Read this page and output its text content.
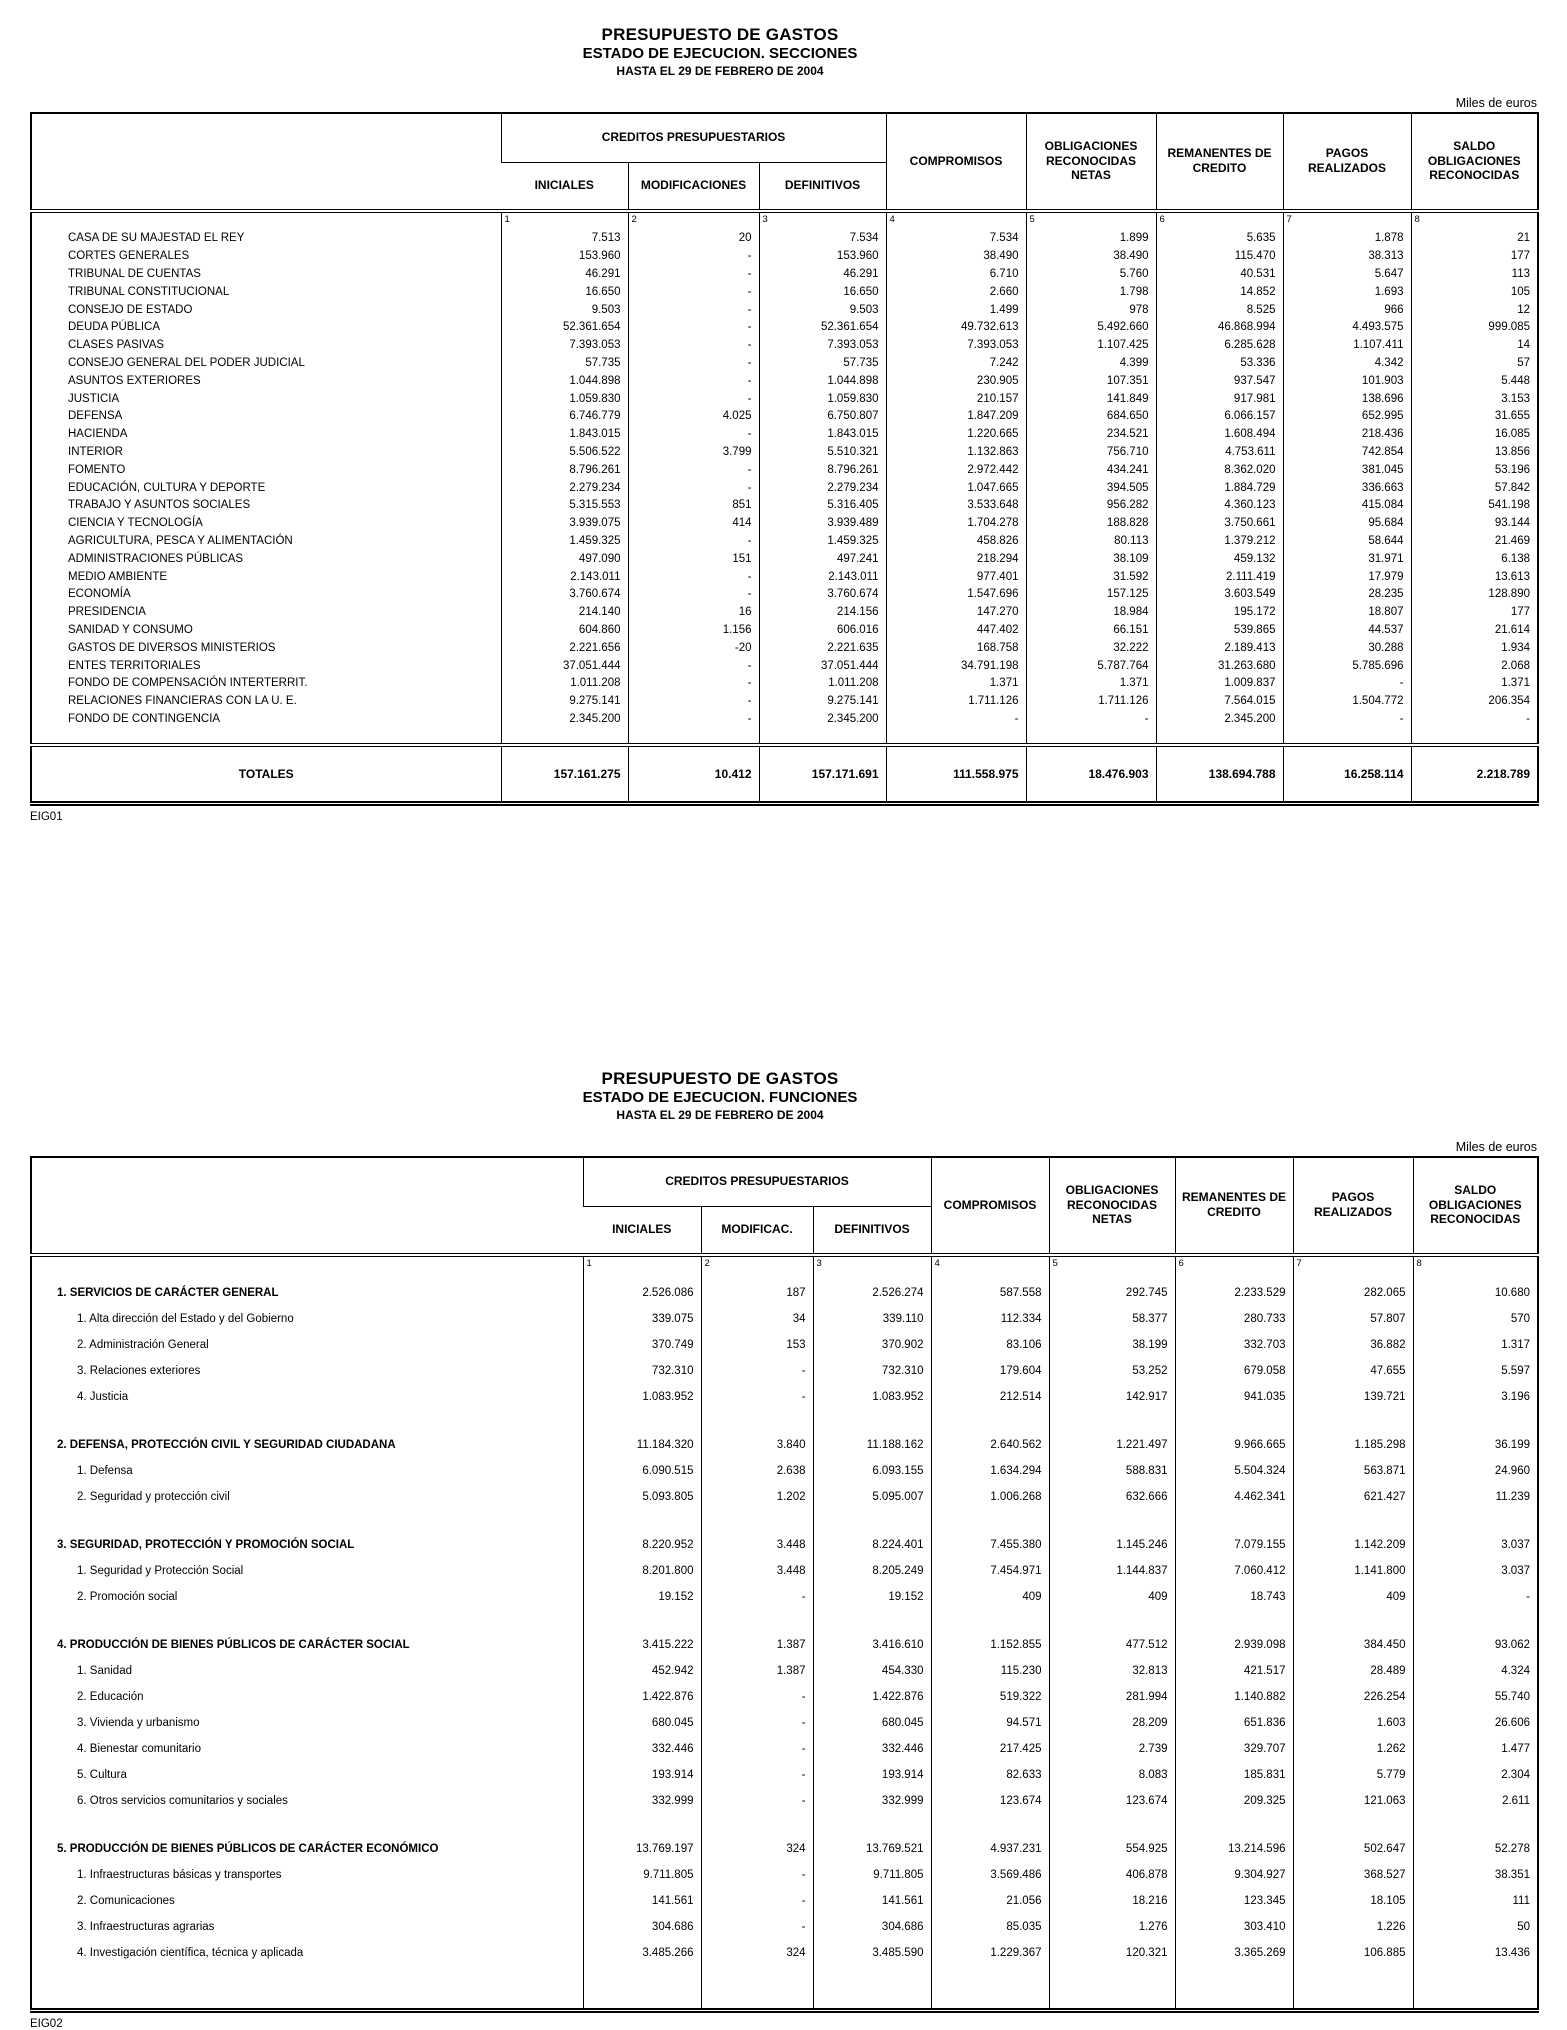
PRESUPUESTO DE GASTOS
ESTADO DE EJECUCION. SECCIONES
HASTA EL 29 DE FEBRERO DE 2004
Miles de euros
	CREDITOS PRESUPUESTARIOS			COMPROMISOS	OBLIGACIONES RECONOCIDAS NETAS	REMANENTES DE CREDITO	PAGOS REALIZADOS	SALDO OBLIGACIONES RECONOCIDAS
	INICIALES	MODIFICACIONES	DEFINITIVOS					
	1	2	3	4	5	6	7	8
CASA DE SU MAJESTAD EL REY	7.513	20	7.534	7.534	1.899	5.635	1.878	21
CORTES GENERALES	153.960	-	153.960	38.490	38.490	115.470	38.313	177
TRIBUNAL DE CUENTAS	46.291	-	46.291	6.710	5.760	40.531	5.647	113
TRIBUNAL CONSTITUCIONAL	16.650	-	16.650	2.660	1.798	14.852	1.693	105
CONSEJO DE ESTADO	9.503	-	9.503	1.499	978	8.525	966	12
DEUDA PÚBLICA	52.361.654	-	52.361.654	49.732.613	5.492.660	46.868.994	4.493.575	999.085
CLASES PASIVAS	7.393.053	-	7.393.053	7.393.053	1.107.425	6.285.628	1.107.411	14
CONSEJO GENERAL DEL PODER JUDICIAL	57.735	-	57.735	7.242	4.399	53.336	4.342	57
ASUNTOS EXTERIORES	1.044.898	-	1.044.898	230.905	107.351	937.547	101.903	5.448
JUSTICIA	1.059.830	-	1.059.830	210.157	141.849	917.981	138.696	3.153
DEFENSA	6.746.779	4.025	6.750.807	1.847.209	684.650	6.066.157	652.995	31.655
HACIENDA	1.843.015	-	1.843.015	1.220.665	234.521	1.608.494	218.436	16.085
INTERIOR	5.506.522	3.799	5.510.321	1.132.863	756.710	4.753.611	742.854	13.856
FOMENTO	8.796.261	-	8.796.261	2.972.442	434.241	8.362.020	381.045	53.196
EDUCACIÓN, CULTURA Y DEPORTE	2.279.234	-	2.279.234	1.047.665	394.505	1.884.729	336.663	57.842
TRABAJO Y ASUNTOS SOCIALES	5.315.553	851	5.316.405	3.533.648	956.282	4.360.123	415.084	541.198
CIENCIA Y TECNOLOGÍA	3.939.075	414	3.939.489	1.704.278	188.828	3.750.661	95.684	93.144
AGRICULTURA, PESCA Y ALIMENTACIÓN	1.459.325	-	1.459.325	458.826	80.113	1.379.212	58.644	21.469
ADMINISTRACIONES PÚBLICAS	497.090	151	497.241	218.294	38.109	459.132	31.971	6.138
MEDIO AMBIENTE	2.143.011	-	2.143.011	977.401	31.592	2.111.419	17.979	13.613
ECONOMÍA	3.760.674	-	3.760.674	1.547.696	157.125	3.603.549	28.235	128.890
PRESIDENCIA	214.140	16	214.156	147.270	18.984	195.172	18.807	177
SANIDAD Y CONSUMO	604.860	1.156	606.016	447.402	66.151	539.865	44.537	21.614
GASTOS DE DIVERSOS MINISTERIOS	2.221.656	-20	2.221.635	168.758	32.222	2.189.413	30.288	1.934
ENTES TERRITORIALES	37.051.444	-	37.051.444	34.791.198	5.787.764	31.263.680	5.785.696	2.068
FONDO DE COMPENSACIÓN INTERTERRIT.	1.011.208	-	1.011.208	1.371	1.371	1.009.837	-	1.371
RELACIONES FINANCIERAS CON LA U. E.	9.275.141	-	9.275.141	1.711.126	1.711.126	7.564.015	1.504.772	206.354
FONDO DE CONTINGENCIA	2.345.200	-	2.345.200	-	-	2.345.200	-	-

TOTALES	157.161.275	10.412	157.171.691	111.558.975	18.476.903	138.694.788	16.258.114	2.218.789
EIG01
PRESUPUESTO DE GASTOS
ESTADO DE EJECUCION. FUNCIONES
HASTA EL 29 DE FEBRERO DE 2004
Miles de euros
	CREDITOS PRESUPUESTARIOS			COMPROMISOS	OBLIGACIONES RECONOCIDAS NETAS	REMANENTES DE CREDITO	PAGOS REALIZADOS	SALDO OBLIGACIONES RECONOCIDAS
	INICIALES	MODIFICAC.	DEFINITIVOS					
	1	2	3	4	5	6	7	8
1. SERVICIOS DE CARÁCTER GENERAL	2.526.086	187	2.526.274	587.558	292.745	2.233.529	282.065	10.680
1. Alta dirección del Estado y del Gobierno	339.075	34	339.110	112.334	58.377	280.733	57.807	570
2. Administración General	370.749	153	370.902	83.106	38.199	332.703	36.882	1.317
3. Relaciones exteriores	732.310	-	732.310	179.604	53.252	679.058	47.655	5.597
4. Justicia	1.083.952	-	1.083.952	212.514	142.917	941.035	139.721	3.196

2. DEFENSA, PROTECCIÓN CIVIL Y SEGURIDAD CIUDADANA	11.184.320	3.840	11.188.162	2.640.562	1.221.497	9.966.665	1.185.298	36.199
1. Defensa	6.090.515	2.638	6.093.155	1.634.294	588.831	5.504.324	563.871	24.960
2. Seguridad y protección civil	5.093.805	1.202	5.095.007	1.006.268	632.666	4.462.341	621.427	11.239

3. SEGURIDAD, PROTECCIÓN Y PROMOCIÓN SOCIAL	8.220.952	3.448	8.224.401	7.455.380	1.145.246	7.079.155	1.142.209	3.037
1. Seguridad y Protección Social	8.201.800	3.448	8.205.249	7.454.971	1.144.837	7.060.412	1.141.800	3.037
2. Promoción social	19.152	-	19.152	409	409	18.743	409	-

4. PRODUCCIÓN DE BIENES PÚBLICOS DE CARÁCTER SOCIAL	3.415.222	1.387	3.416.610	1.152.855	477.512	2.939.098	384.450	93.062
1. Sanidad	452.942	1.387	454.330	115.230	32.813	421.517	28.489	4.324
2. Educación	1.422.876	-	1.422.876	519.322	281.994	1.140.882	226.254	55.740
3. Vivienda y urbanismo	680.045	-	680.045	94.571	28.209	651.836	1.603	26.606
4. Bienestar comunitario	332.446	-	332.446	217.425	2.739	329.707	1.262	1.477
5. Cultura	193.914	-	193.914	82.633	8.083	185.831	5.779	2.304
6. Otros servicios comunitarios y sociales	332.999	-	332.999	123.674	123.674	209.325	121.063	2.611

5. PRODUCCIÓN DE BIENES PÚBLICOS DE CARÁCTER ECONÓMICO	13.769.197	324	13.769.521	4.937.231	554.925	13.214.596	502.647	52.278
1. Infraestructuras básicas y transportes	9.711.805	-	9.711.805	3.569.486	406.878	9.304.927	368.527	38.351
2. Comunicaciones	141.561	-	141.561	21.056	18.216	123.345	18.105	111
3. Infraestructuras agrarias	304.686	-	304.686	85.035	1.276	303.410	1.226	50
4. Investigación científica, técnica y aplicada	3.485.266	324	3.485.590	1.229.367	120.321	3.365.269	106.885	13.436

EIG02
